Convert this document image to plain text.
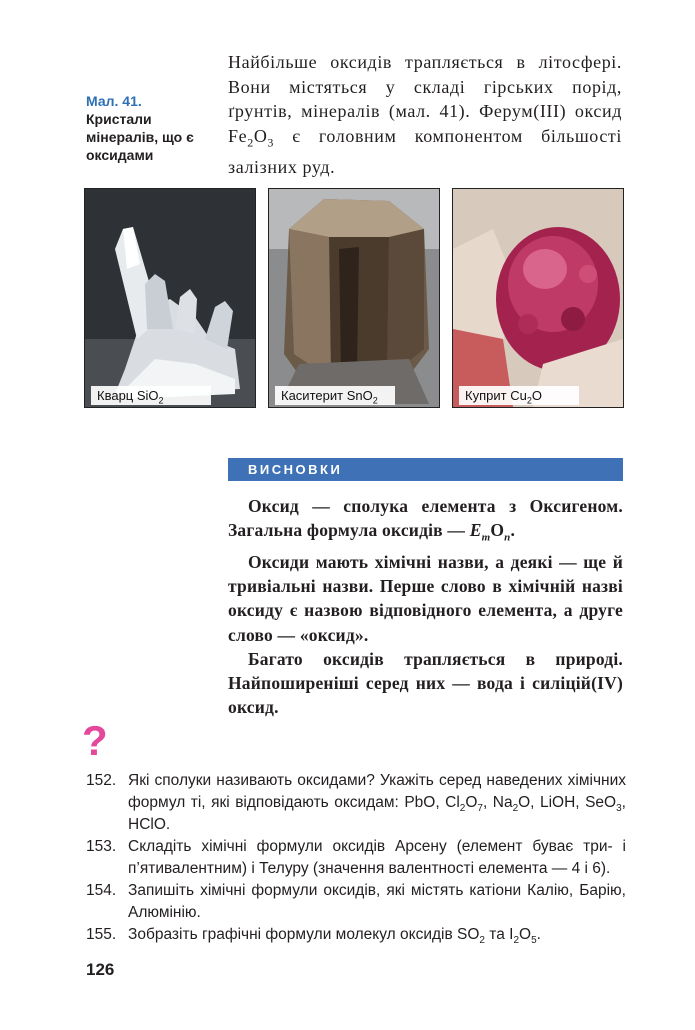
Мал. 41.
Кристали мінералів, що є оксидами
Найбільше оксидів трапляється в літосфері. Вони містяться у складі гірських порід, ґрунтів, мінералів (мал. 41). Ферум(III) оксид $Fe_2O_3$ є головним компонентом більшості залізних руд.
Кварц SiO$_2$	Каситерит SnO$_2$	Куприт $Cu_2O$
ВИСНОВКИ

Оксид — сполука елемента з Оксигеном. Загальна формула оксидів — $E_mO_n$.

Оксиди мають хімічні назви, а деякі — ще й тривіальні назви. Перше слово в хімічній назві оксиду є назвою відповідного елемента, а друге слово — «оксид».

Багато оксидів трапляється в природі. Найпоширеніші серед них — вода і силіцій(IV) оксид.

?
152. Які сполуки називають оксидами? Укажіть серед наведених хімічних формул ті, які відповідають оксидам: PbO, $Cl_2O_7$, $Na_2O$, LiOH, SeO$_3$, HClO.
153. Складіть хімічні формули оксидів Арсену (елемент буває три- і п’ятивалентним) і Телуру (значення валентності елемента — 4 і 6).
154. Запишіть хімічні формули оксидів, які містять катіони Калію, Барію, Алюмінію.
155. Зобразіть графічні формули молекул оксидів $SO_2$ та $I_2O_5$.
126
